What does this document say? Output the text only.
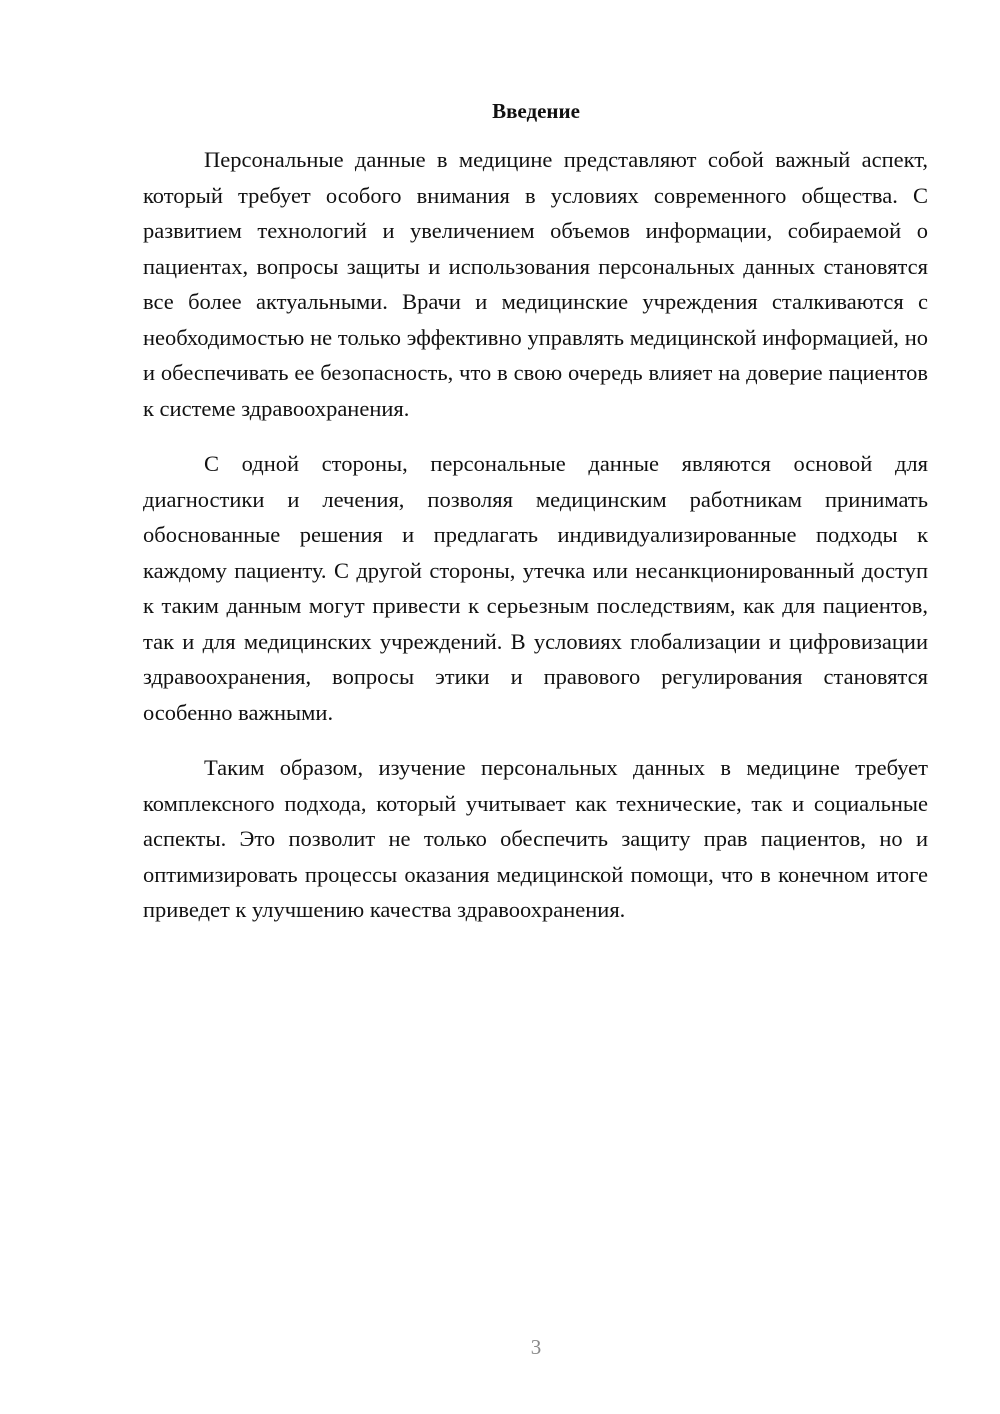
Введение

Персональные данные в медицине представляют собой важный аспект, который требует особого внимания в условиях современного общества. С развитием технологий и увеличением объемов информации, собираемой о пациентах, вопросы защиты и использования персональных данных становятся все более актуальными. Врачи и медицинские учреждения сталкиваются с необходимостью не только эффективно управлять медицинской информацией, но и обеспечивать ее безопасность, что в свою очередь влияет на доверие пациентов к системе здравоохранения.

С одной стороны, персональные данные являются основой для диагностики и лечения, позволяя медицинским работникам принимать обоснованные решения и предлагать индивидуализированные подходы к каждому пациенту. С другой стороны, утечка или несанкционированный доступ к таким данным могут привести к серьезным последствиям, как для пациентов, так и для медицинских учреждений. В условиях глобализации и цифровизации здравоохранения, вопросы этики и правового регулирования становятся особенно важными.

Таким образом, изучение персональных данных в медицине требует комплексного подхода, который учитывает как технические, так и социальные аспекты. Это позволит не только обеспечить защиту прав пациентов, но и оптимизировать процессы оказания медицинской помощи, что в конечном итоге приведет к улучшению качества здравоохранения.

3
